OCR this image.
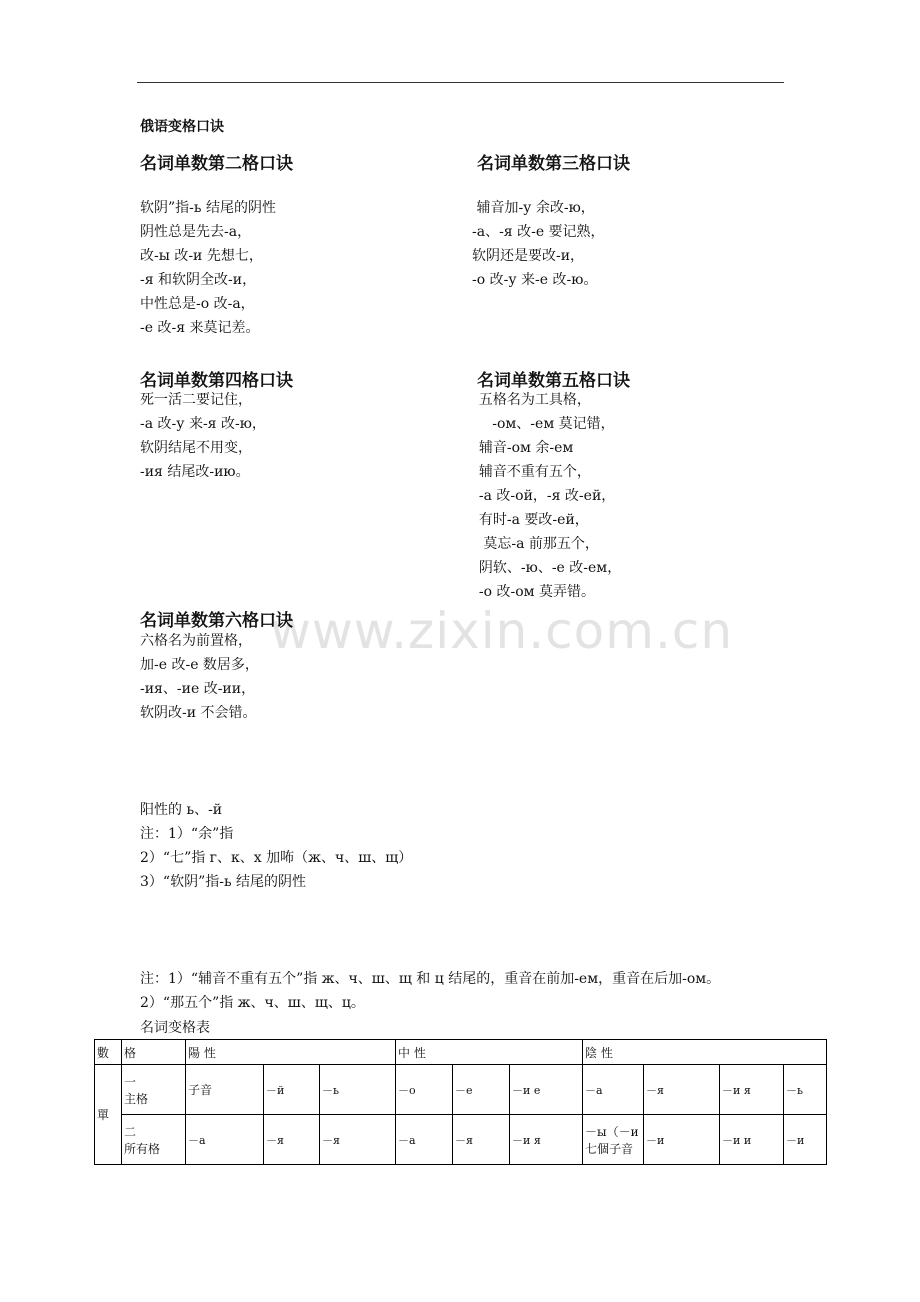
俄语变格口诀
名词单数第二格口诀
软阴”指-ь 结尾的阴性
阴性总是先去-а，
改-ы 改-и 先想七，
-я 和软阴全改-и，
中性总是-о 改-а，
-е 改-я 来莫记差。
名词单数第三格口诀
辅音加-у 余改-ю，
-а、-я 改-е 要记熟，
软阴还是要改-и，
-о 改-у 来-е 改-ю。
名词单数第四格口诀
死一活二要记住，
-а 改-у 来-я 改-ю，
软阴结尾不用变，
-ия 结尾改-ию。
名词单数第五格口诀
五格名为工具格，
-ом、-ем 莫记错，
辅音-ом 余-ем
辅音不重有五个，
-а 改-ой，-я 改-ей，
有时-а 要改-ей，
莫忘-а 前那五个，
阴软、-ю、-е 改-ем，
-о 改-ом 莫弄错。
www.zixin.com.cn
名词单数第六格口诀
六格名为前置格，
加-е 改-е 数居多，
-ия、-ие 改-ии，
软阴改-и 不会错。
阳性的 ь、-й
注：1）“余”指
2）“七”指 г、к、х 加咘（ж、ч、ш、щ）
3）“软阴”指-ь 结尾的阴性
注：1）“辅音不重有五个”指 ж、ч、ш、щ 和 ц 结尾的，重音在前加-ем，重音在后加-ом。
2）“那五个”指 ж、ч、ш、щ、ц。
名词变格表
數	格	陽 性			中 性			陰 性			
單	一
主格	子音	－й	－ь	－о	－е	－и е	－а	－я	－и я	－ь

	二
所有格	－а	－я	－я	－а	－я	－и я	－ы（－и 七個子音	－и	－и и	－и
